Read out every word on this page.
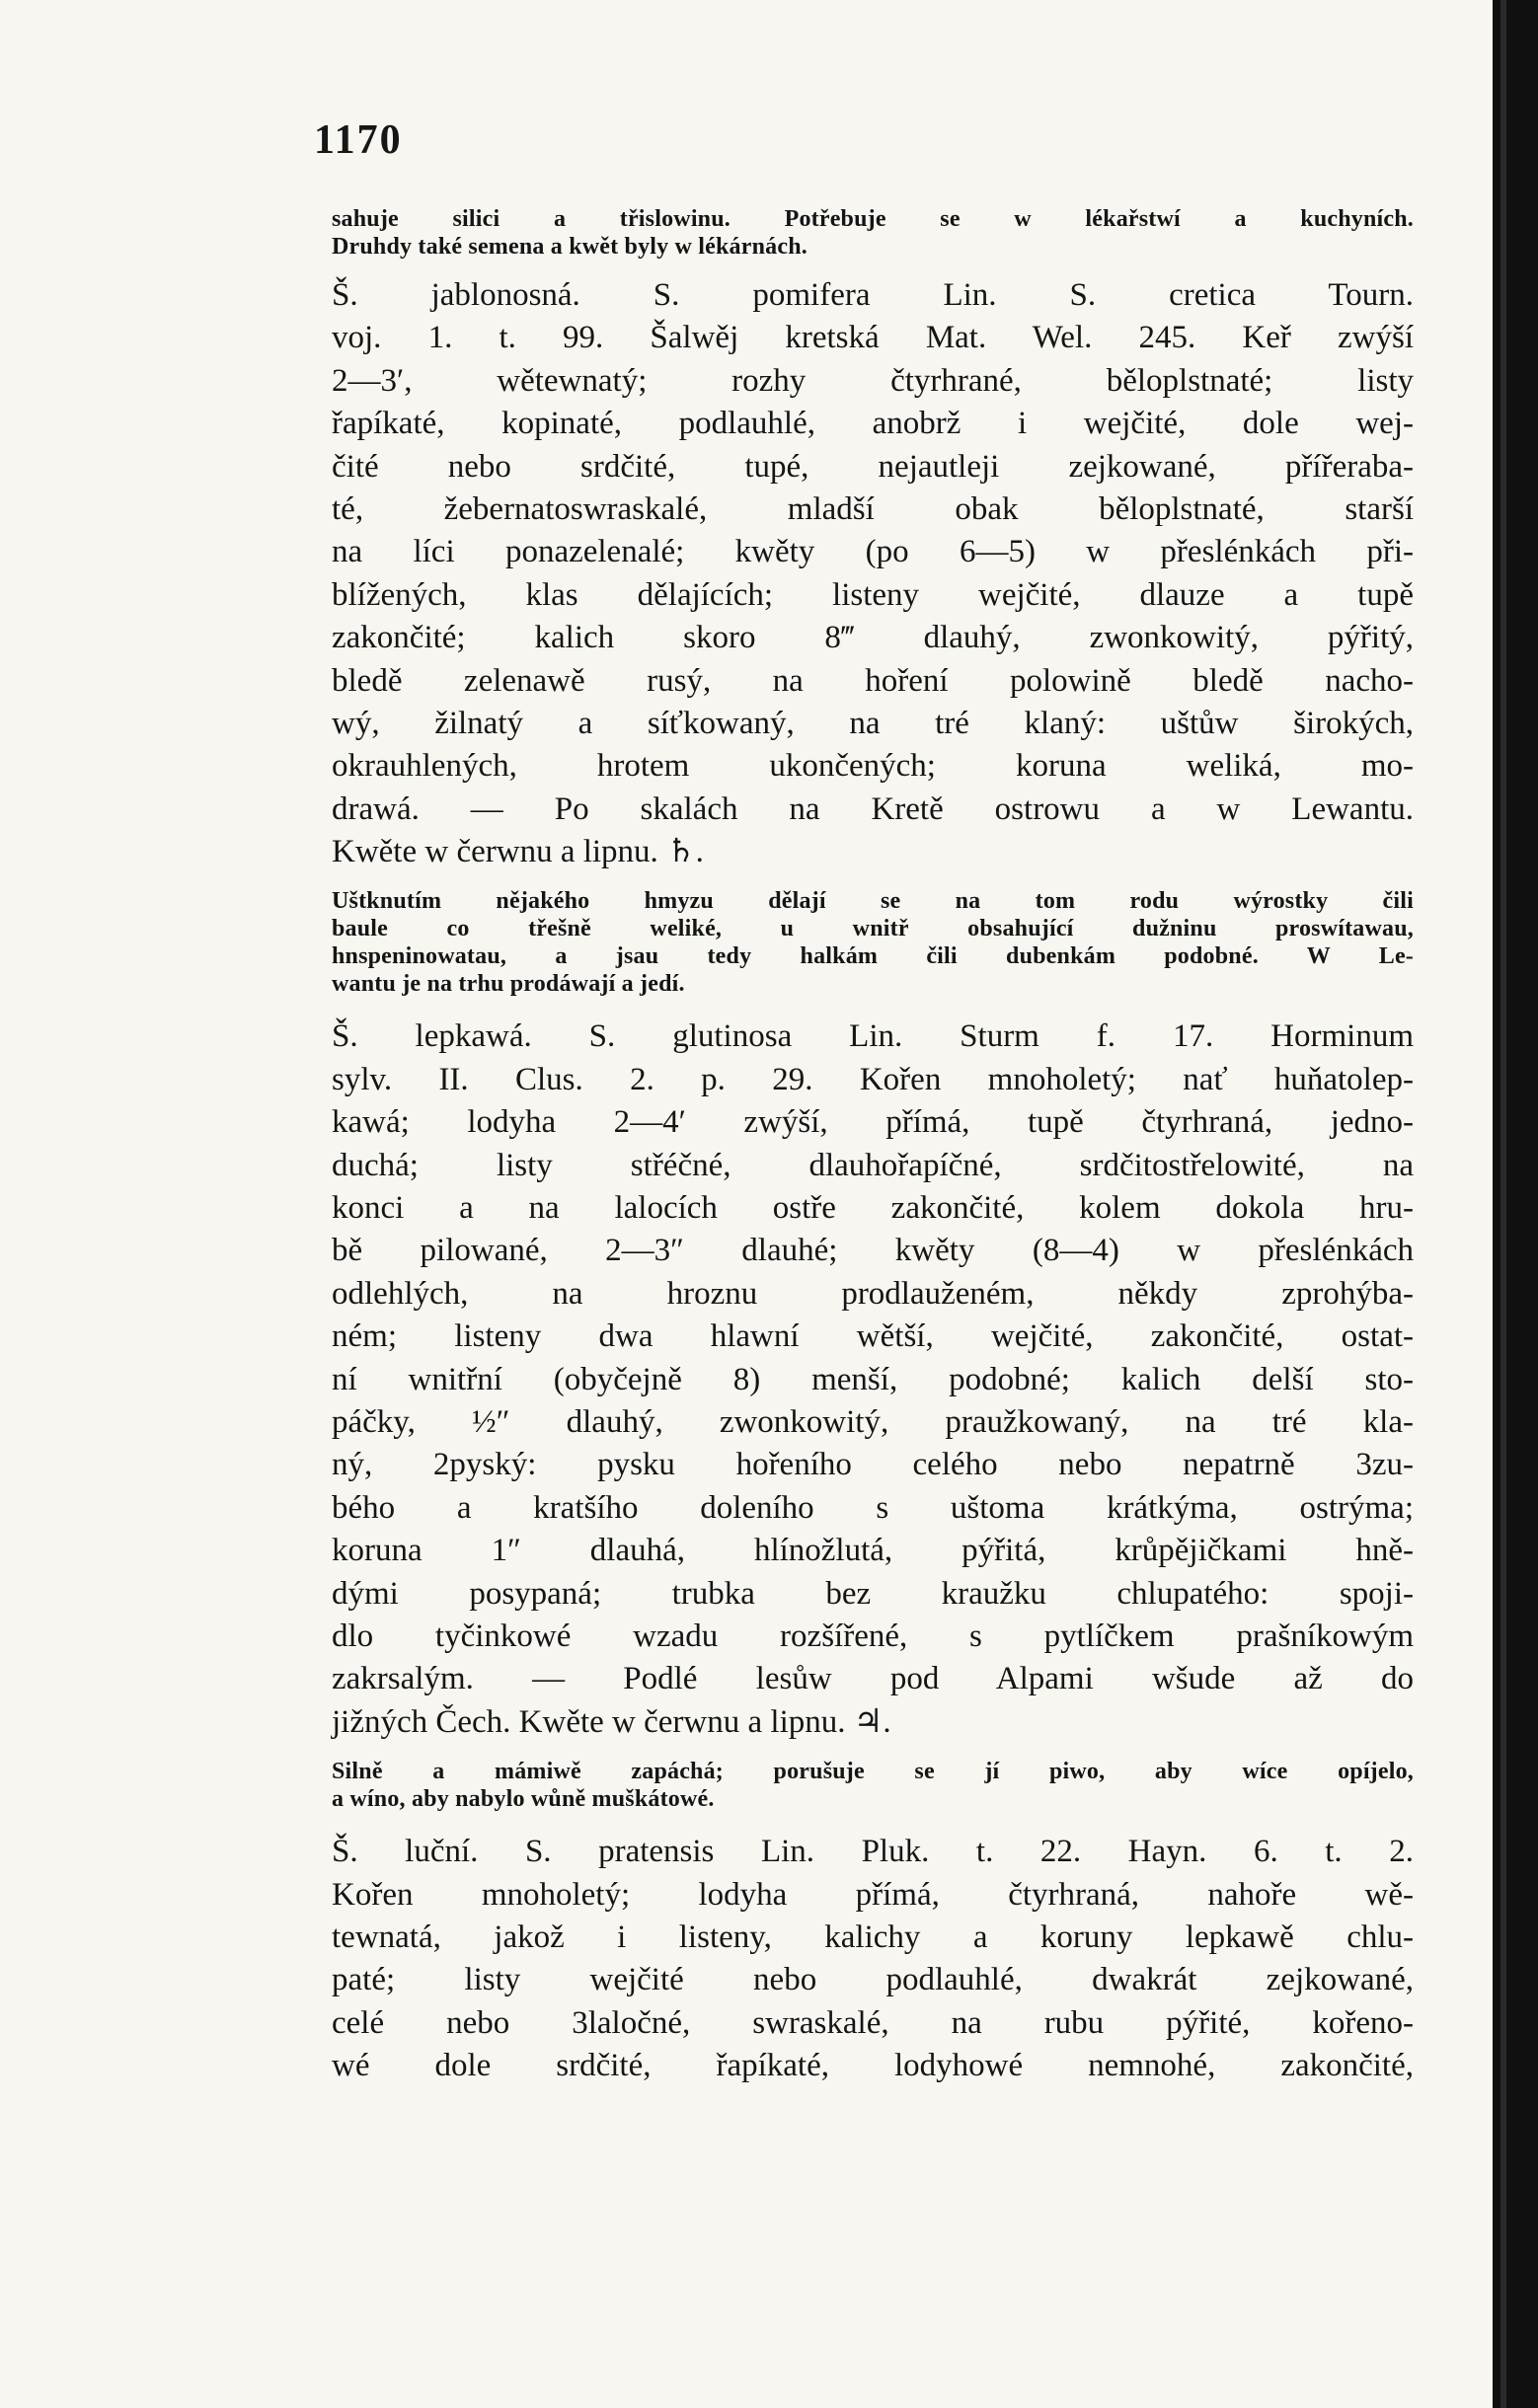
1170
sahuje silici a třislowinu. Potřebuje se w lékařstwí a kuchyních.
Druhdy také semena a kwět byly w lékárnách.
Š. jablonosná. S. pomifera Lin. S. cretica Tourn.
voj. 1. t. 99. Šalwěj kretská Mat. Wel. 245. Keř zwýší
2—3′, wětewnatý; rozhy čtyrhrané, běloplstnaté; listy
řapíkaté, kopinaté, podlauhlé, anobrž i wejčité, dole wej-
čité nebo srdčité, tupé, nejautleji zejkowané, přířeraba-
té, žebernatoswraskalé, mladší obak běloplstnaté, starší
na líci ponazelenalé; kwěty (po 6—5) w přeslénkách při-
blížených, klas dělajících; listeny wejčité, dlauze a tupě
zakončité; kalich skoro 8‴ dlauhý, zwonkowitý, pýřitý,
bledě zelenawě rusý, na hoření polowině bledě nacho-
wý, žilnatý a síťkowaný, na tré klaný: uštůw širokých,
okrauhlených, hrotem ukončených; koruna weliká, mo-
drawá. — Po skalách na Kretě ostrowu a w Lewantu.
Kwěte w čerwnu a lipnu. ♄.
Uštknutím nějakého hmyzu dělají se na tom rodu wýrostky čili
baule co třešně weliké, u wnitř obsahující dužninu proswítawau,
hnspeninowatau, a jsau tedy halkám čili dubenkám podobné. W Le-
wantu je na trhu prodáwají a jedí.
Š. lepkawá. S. glutinosa Lin. Sturm f. 17. Horminum
sylv. II. Clus. 2. p. 29. Kořen mnoholetý; nať huňatolep-
kawá; lodyha 2—4′ zwýší, přímá, tupě čtyrhraná, jedno-
duchá; listy střéčné, dlauhořapíčné, srdčitostřelowité, na
konci a na lalocích ostře zakončité, kolem dokola hru-
bě pilowané, 2—3″ dlauhé; kwěty (8—4) w přeslénkách
odlehlých, na hroznu prodlauženém, někdy zprohýba-
ném; listeny dwa hlawní wětší, wejčité, zakončité, ostat-
ní wnitřní (obyčejně 8) menší, podobné; kalich delší sto-
páčky, ½″ dlauhý, zwonkowitý, praužkowaný, na tré kla-
ný, 2pyský: pysku hořeního celého nebo nepatrně 3zu-
bého a kratšího doleního s uštoma krátkýma, ostrýma;
koruna 1″ dlauhá, hlínožlutá, pýřitá, krůpějičkami hně-
dými posypaná; trubka bez kraužku chlupatého: spoji-
dlo tyčinkowé wzadu rozšířené, s pytlíčkem prašníkowým
zakrsalým. — Podlé lesůw pod Alpami wšude až do
jižných Čech. Kwěte w čerwnu a lipnu. ♃.
Silně a mámiwě zapáchá; porušuje se jí piwo, aby wíce opíjelo,
a wíno, aby nabylo wůně muškátowé.
Š. luční. S. pratensis Lin. Pluk. t. 22. Hayn. 6. t. 2.
Kořen mnoholetý; lodyha přímá, čtyrhraná, nahoře wě-
tewnatá, jakož i listeny, kalichy a koruny lepkawě chlu-
paté; listy wejčité nebo podlauhlé, dwakrát zejkowané,
celé nebo 3laločné, swraskalé, na rubu pýřité, kořeno-
wé dole srdčité, řapíkaté, lodyhowé nemnohé, zakončité,
